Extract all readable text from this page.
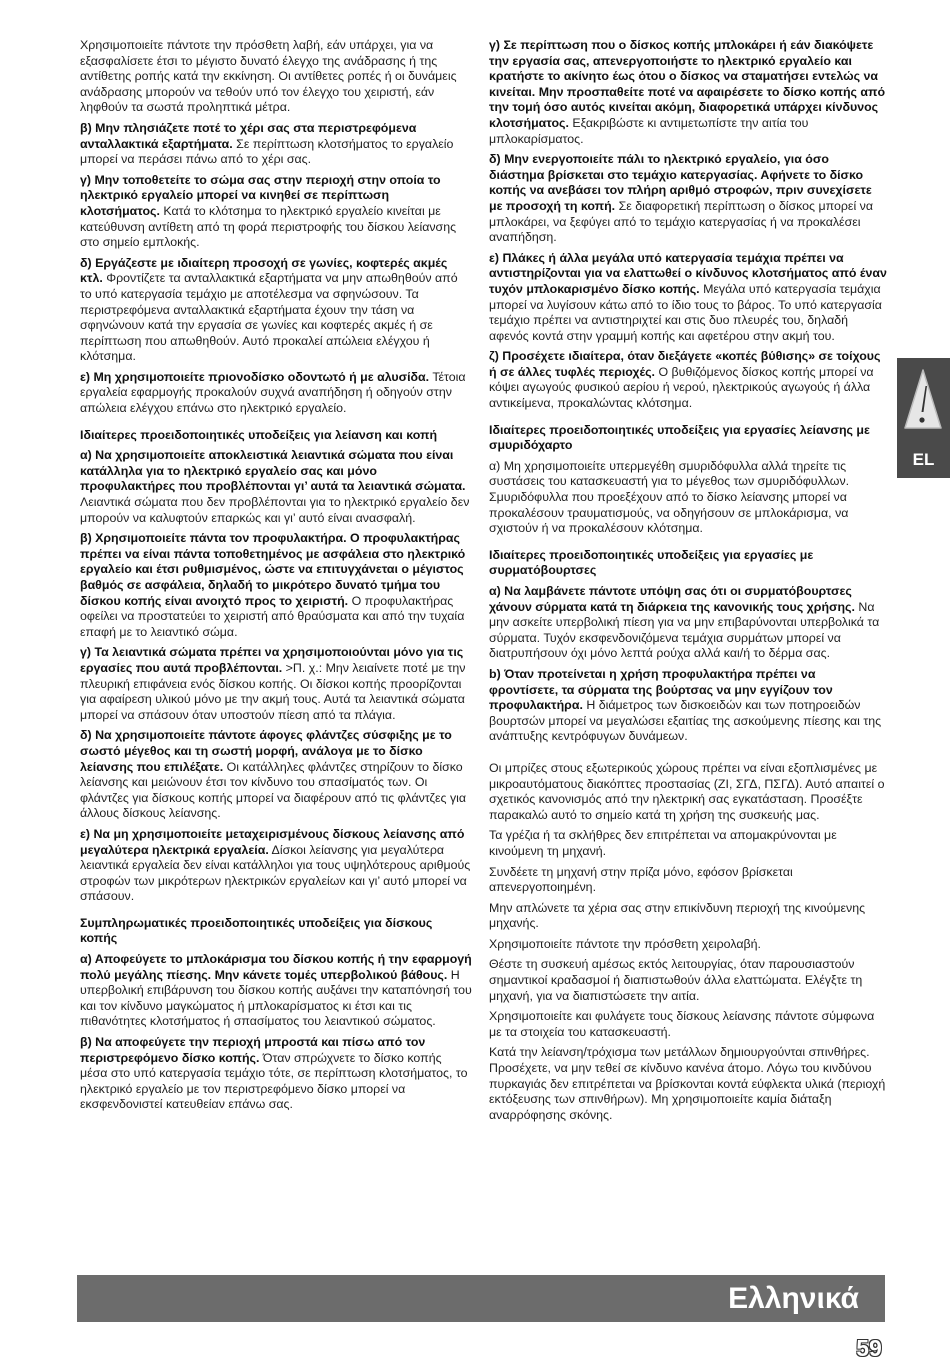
Χρησιμοποιείτε πάντοτε την πρόσθετη λαβή, εάν υπάρχει, για να εξασφαλίσετε έτσι το μέγιστο δυνατό έλεγχο της ανάδρασης ή της αντίθετης ροπής κατά την εκκίνηση. Οι αντίθετες ροπές ή οι δυνάμεις ανάδρασης μπορούν να τεθούν υπό τον έλεγχο του χειριστή, εάν ληφθούν τα σωστά προληπτικά μέτρα.

β) Μην πλησιάζετε ποτέ το χέρι σας στα περιστρεφόμενα ανταλλακτικά εξαρτήματα. Σε περίπτωση κλοτσήματος το εργαλείο μπορεί να περάσει πάνω από το χέρι σας.

γ) Μην τοποθετείτε το σώμα σας στην περιοχή στην οποία το ηλεκτρικό εργαλείο μπορεί να κινηθεί σε περίπτωση κλοτσήματος. Κατά το κλότσημα το ηλεκτρικό εργαλείο κινείται με κατεύθυνση αντίθετη από τη φορά περιστροφής του δίσκου λείανσης στο σημείο εμπλοκής.

δ) Εργάζεστε με ιδιαίτερη προσοχή σε γωνίες, κοφτερές ακμές κτλ. Φροντίζετε τα ανταλλακτικά εξαρτήματα να μην απωθηθούν από το υπό κατεργασία τεμάχιο με αποτέλεσμα να σφηνώσουν. Τα περιστρεφόμενα ανταλλακτικά εξαρτήματα έχουν την τάση να σφηνώνουν κατά την εργασία σε γωνίες και κοφτερές ακμές ή σε περίπτωση που απωθηθούν. Αυτό προκαλεί απώλεια ελέγχου ή κλότσημα.

ε) Μη χρησιμοποιείτε πριονοδίσκο οδοντωτό ή με αλυσίδα. Τέτοια εργαλεία εφαρμογής προκαλούν συχνά αναπήδηση ή οδηγούν στην απώλεια ελέγχου επάνω στο ηλεκτρικό εργαλείο.

Ιδιαίτερες προειδοποιητικές υποδείξεις για λείανση και κοπή

α) Να χρησιμοποιείτε αποκλειστικά λειαντικά σώματα που είναι κατάλληλα για το ηλεκτρικό εργαλείο σας και μόνο προφυλακτήρες που προβλέπονται γι’ αυτά τα λειαντικά σώματα. Λειαντικά σώματα που δεν προβλέπονται για το ηλεκτρικό εργαλείο δεν μπορούν να καλυφτούν επαρκώς και γι’ αυτό είναι ανασφαλή.

β) Χρησιμοποιείτε πάντα τον προφυλακτήρα. Ο προφυλακτήρας πρέπει να είναι πάντα τοποθετημένος με ασφάλεια στο ηλεκτρικό εργαλείο και έτσι ρυθμισμένος, ώστε να επιτυγχάνεται ο μέγιστος βαθμός σε ασφάλεια, δηλαδή το μικρότερο δυνατό τμήμα του δίσκου κοπής είναι ανοιχτό προς το χειριστή. Ο προφυλακτήρας οφείλει να προστατεύει το χειριστή από θραύσματα και από την τυχαία επαφή με το λειαντικό σώμα.

γ) Τα λειαντικά σώματα πρέπει να χρησιμοποιούνται μόνο για τις εργασίες που αυτά προβλέπονται. >Π. χ.: Μην λειαίνετε ποτέ με την πλευρική επιφάνεια ενός δίσκου κοπής. Οι δίσκοι κοπής προορίζονται για αφαίρεση υλικού μόνο με την ακμή τους. Αυτά τα λειαντικά σώματα μπορεί να σπάσουν όταν υποστούν πίεση από τα πλάγια.

δ) Να χρησιμοποιείτε πάντοτε άφογες φλάντζες σύσφιξης με το σωστό μέγεθος και τη σωστή μορφή, ανάλογα με το δίσκο λείανσης που επιλέξατε. Οι κατάλληλες φλάντζες στηρίζουν το δίσκο λείανσης και μειώνουν έτσι τον κίνδυνο του σπασίματός των. Οι φλάντζες για δίσκους κοπής μπορεί να διαφέρουν από τις φλάντζες για άλλους δίσκους λείανσης.

ε) Να μη χρησιμοποιείτε μεταχειρισμένους δίσκους λείανσης από μεγαλύτερα ηλεκτρικά εργαλεία. Δίσκοι λείανσης για μεγαλύτερα λειαντικά εργαλεία δεν είναι κατάλληλοι για τους υψηλότερους αριθμούς στροφών των μικρότερων ηλεκτρικών εργαλείων και γι’ αυτό μπορεί να σπάσουν.

Συμπληρωματικές προειδοποιητικές υποδείξεις για δίσκους κοπής

α) Αποφεύγετε το μπλοκάρισμα του δίσκου κοπής ή την εφαρμογή πολύ μεγάλης πίεσης. Μην κάνετε τομές υπερβολικού βάθους. Η υπερβολική επιβάρυνση του δίσκου κοπής αυξάνει την καταπόνησή του και τον κίνδυνο μαγκώματος ή μπλοκαρίσματος κι έτσι και τις πιθανότητες κλοτσήματος ή σπασίματος του λειαντικού σώματος.

β) Να αποφεύγετε την περιοχή μπροστά και πίσω από τον περιστρεφόμενο δίσκο κοπής. Όταν σπρώχνετε το δίσκο κοπής μέσα στο υπό κατεργασία τεμάχιο τότε, σε περίπτωση κλοτσήματος, το ηλεκτρικό εργαλείο με τον περιστρεφόμενο δίσκο μπορεί να εκσφενδονιστεί κατευθείαν επάνω σας.

γ) Σε περίπτωση που ο δίσκος κοπής μπλοκάρει ή εάν διακόψετε την εργασία σας, απενεργοποιήστε το ηλεκτρικό εργαλείο και κρατήστε το ακίνητο έως ότου ο δίσκος να σταματήσει εντελώς να κινείται. Μην προσπαθείτε ποτέ να αφαιρέσετε το δίσκο κοπής από την τομή όσο αυτός κινείται ακόμη, διαφορετικά υπάρχει κίνδυνος κλοτσήματος. Εξακριβώστε κι αντιμετωπίστε την αιτία του μπλοκαρίσματος.

δ) Μην ενεργοποιείτε πάλι το ηλεκτρικό εργαλείο, για όσο διάστημα βρίσκεται στο τεμάχιο κατεργασίας. Αφήνετε το δίσκο κοπής να ανεβάσει τον πλήρη αριθμό στροφών, πριν συνεχίσετε με προσοχή τη κοπή. Σε διαφορετική περίπτωση ο δίσκος μπορεί να μπλοκάρει, να ξεφύγει από το τεμάχιο κατεργασίας ή να προκαλέσει αναπήδηση.

ε) Πλάκες ή άλλα μεγάλα υπό κατεργασία τεμάχια πρέπει να αντιστηρίζονται για να ελαττωθεί ο κίνδυνος κλοτσήματος από έναν τυχόν μπλοκαρισμένο δίσκο κοπής. Μεγάλα υπό κατεργασία τεμάχια μπορεί να λυγίσουν κάτω από το ίδιο τους το βάρος. Το υπό κατεργασία τεμάχιο πρέπει να αντιστηριχτεί και στις δυο πλευρές του, δηλαδή αφενός κοντά στην γραμμή κοπής και αφετέρου στην ακμή του.

ζ) Προσέχετε ιδιαίτερα, όταν διεξάγετε «κοπές βύθισης» σε τοίχους ή σε άλλες τυφλές περιοχές. Ο βυθιζόμενος δίσκος κοπής μπορεί να κόψει αγωγούς φυσικού αερίου ή νερού, ηλεκτρικούς αγωγούς ή άλλα αντικείμενα, προκαλώντας κλότσημα.

Ιδιαίτερες προειδοποιητικές υποδείξεις για εργασίες λείανσης με σμυριδόχαρτο

α) Μη χρησιμοποιείτε υπερμεγέθη σμυριδόφυλλα αλλά τηρείτε τις συστάσεις του κατασκευαστή για το μέγεθος των σμυριδόφυλλων. Σμυριδόφυλλα που προεξέχουν από το δίσκο λείανσης μπορεί να προκαλέσουν τραυματισμούς, να οδηγήσουν σε μπλοκάρισμα, να σχιστούν ή να προκαλέσουν κλότσημα.

Ιδιαίτερες προειδοποιητικές υποδείξεις για εργασίες με συρματόβουρτσες

α) Να λαμβάνετε πάντοτε υπόψη σας ότι οι συρματόβουρτσες χάνουν σύρματα κατά τη διάρκεια της κανονικής τους χρήσης. Να μην ασκείτε υπερβολική πίεση για να μην επιβαρύνονται υπερβολικά τα σύρματα. Τυχόν εκσφενδονιζόμενα τεμάχια συρμάτων μπορεί να διατρυπήσουν όχι μόνο λεπτά ρούχα αλλά και/ή το δέρμα σας.

b) Όταν προτείνεται η χρήση προφυλακτήρα πρέπει να φροντίσετε, τα σύρματα της βούρτσας να μην εγγίζουν τον προφυλακτήρα. Η διάμετρος των δισκοειδών και των ποτηροειδών βουρτσών μπορεί να μεγαλώσει εξαιτίας της ασκούμενης πίεσης και της ανάπτυξης κεντρόφυγων δυνάμεων.

Οι μπρίζες στους εξωτερικούς χώρους πρέπει να είναι εξοπλισμένες με μικροαυτόματους διακόπτες προστασίας (ZI, ΣΓΔ, ΠΣΓΔ). Αυτό απαιτεί ο σχετικός κανονισμός από την ηλεκτρική σας εγκατάσταση. Προσέξτε παρακαλώ αυτό το σημείο κατά τη χρήση της συσκευής μας.

Τα γρέζια ή τα σκλήθρες δεν επιτρέπεται να απομακρύνονται με κινούμενη τη μηχανή.

Συνδέετε τη μηχανή στην πρίζα μόνο, εφόσον βρίσκεται απενεργοποιημένη.

Μην απλώνετε τα χέρια σας στην επικίνδυνη περιοχή της κινούμενης μηχανής.

Χρησιμοποιείτε πάντοτε την πρόσθετη χειρολαβή.

Θέστε τη συσκευή αμέσως εκτός λειτουργίας, όταν παρουσιαστούν σημαντικοί κραδασμοί ή διαπιστωθούν άλλα ελαττώματα. Ελέγξτε τη μηχανή, για να διαπιστώσετε την αιτία.

Χρησιμοποιείτε και φυλάγετε τους δίσκους λείανσης πάντοτε σύμφωνα με τα στοιχεία του κατασκευαστή.

Κατά την λείανση/τρόχισμα των μετάλλων δημιουργούνται σπινθήρες. Προσέχετε, να μην τεθεί σε κίνδυνο κανένα άτομο. Λόγω του κινδύνου πυρκαγιάς δεν επιτρέπεται να βρίσκονται κοντά εύφλεκτα υλικά (περιοχή εκτόξευσης των σπινθήρων). Μη χρησιμοποιείτε καμία διάταξη αναρρόφησης σκόνης.

EL
Ελληνικά
59
